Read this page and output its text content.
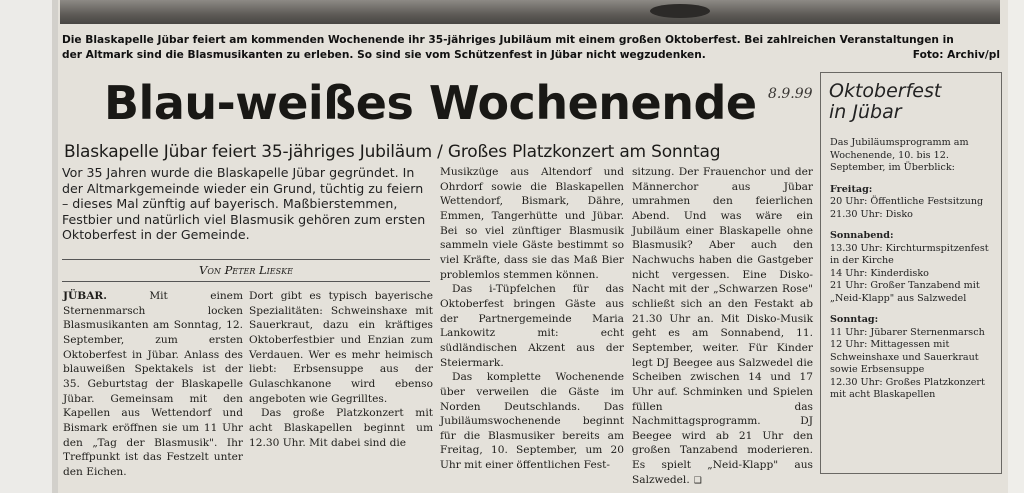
Die Blaskapelle Jübar feiert am kommenden Wochenende ihr 35-jähriges Jubiläum mit einem großen Oktoberfest. Bei zahlreichen Veranstaltungen in
der Altmark sind die Blasmusikanten zu erleben. So sind sie vom Schützenfest in Jübar nicht wegzudenken.	Foto: Archiv/pl
Blau-weißes Wochenende 8.9.99
Blaskapelle Jübar feiert 35-jähriges Jubiläum / Großes Platzkonzert am Sonntag
Vor 35 Jahren wurde die Blaskapelle Jübar gegründet. In der Altmarkgemeinde wieder ein Grund, tüchtig zu feiern – dieses Mal zünftig auf bayerisch. Maßbierstemmen, Festbier und natürlich viel Blasmusik gehören zum ersten Oktoberfest in der Gemeinde.
Von Peter Lieske

JÜBAR. Mit einem Sternenmarsch locken Blasmusikanten am Sonntag, 12. September, zum ersten Oktoberfest in Jübar. Anlass des blauweißen Spektakels ist der 35. Geburtstag der Blaskapelle Jübar. Gemeinsam mit den Kapellen aus Wettendorf und Bismark eröffnen sie um 11 Uhr den „Tag der Blasmusik". Ihr Treffpunkt ist das Festzelt unter den Eichen.

Dort gibt es typisch bayerische Spezialitäten: Schweinshaxe mit Sauerkraut, dazu ein kräftiges Oktoberfestbier und Enzian zum Verdauen. Wer es mehr heimisch liebt: Erbsensuppe aus der Gulaschkanone wird ebenso angeboten wie Gegrilltes.

Das große Platzkonzert mit acht Blaskapellen beginnt um 12.30 Uhr. Mit dabei sind die

Musikzüge aus Altendorf und Ohrdorf sowie die Blaskapellen Wettendorf, Bismark, Dähre, Emmen, Tangerhütte und Jübar. Bei so viel zünftiger Blasmusik sammeln viele Gäste bestimmt so viel Kräfte, dass sie das Maß Bier problemlos stemmen können.

Das i-Tüpfelchen für das Oktoberfest bringen Gäste aus der Partnergemeinde Maria Lankowitz mit: echt südländischen Akzent aus der Steiermark.

Das komplette Wochenende über verweilen die Gäste im Norden Deutschlands. Das Jubiläumswochenende beginnt für die Blasmusiker bereits am Freitag, 10. September, um 20 Uhr mit einer öffentlichen Fest-

sitzung. Der Frauenchor und der Männerchor aus Jübar umrahmen den feierlichen Abend. Und was wäre ein Jubiläum einer Blaskapelle ohne Blasmusik? Aber auch den Nachwuchs haben die Gastgeber nicht vergessen. Eine Disko-Nacht mit der „Schwarzen Rose" schließt sich an den Festakt ab 21.30 Uhr an. Mit Disko-Musik geht es am Sonnabend, 11. September, weiter. Für Kinder legt DJ Beegee aus Salzwedel die Scheiben zwischen 14 und 17 Uhr auf. Schminken und Spielen füllen das Nachmittagsprogramm. DJ Beegee wird ab 21 Uhr den großen Tanzabend moderieren. Es spielt „Neid-Klapp" aus Salzwedel. ❑

Oktoberfest
in Jübar

Das Jubiläumsprogramm am Wochenende, 10. bis 12. September, im Überblick:

Freitag:

20 Uhr: Öffentliche Festsitzung

21.30 Uhr: Disko

Sonnabend:

13.30 Uhr: Kirchturmspitzenfest in der Kirche

14 Uhr: Kinderdisko

21 Uhr: Großer Tanzabend mit „Neid-Klapp" aus Salzwedel

Sonntag:

11 Uhr: Jübarer Sternenmarsch

12 Uhr: Mittagessen mit Schweinshaxe und Sauerkraut sowie Erbsensuppe

12.30 Uhr: Großes Platzkonzert mit acht Blaskapellen
